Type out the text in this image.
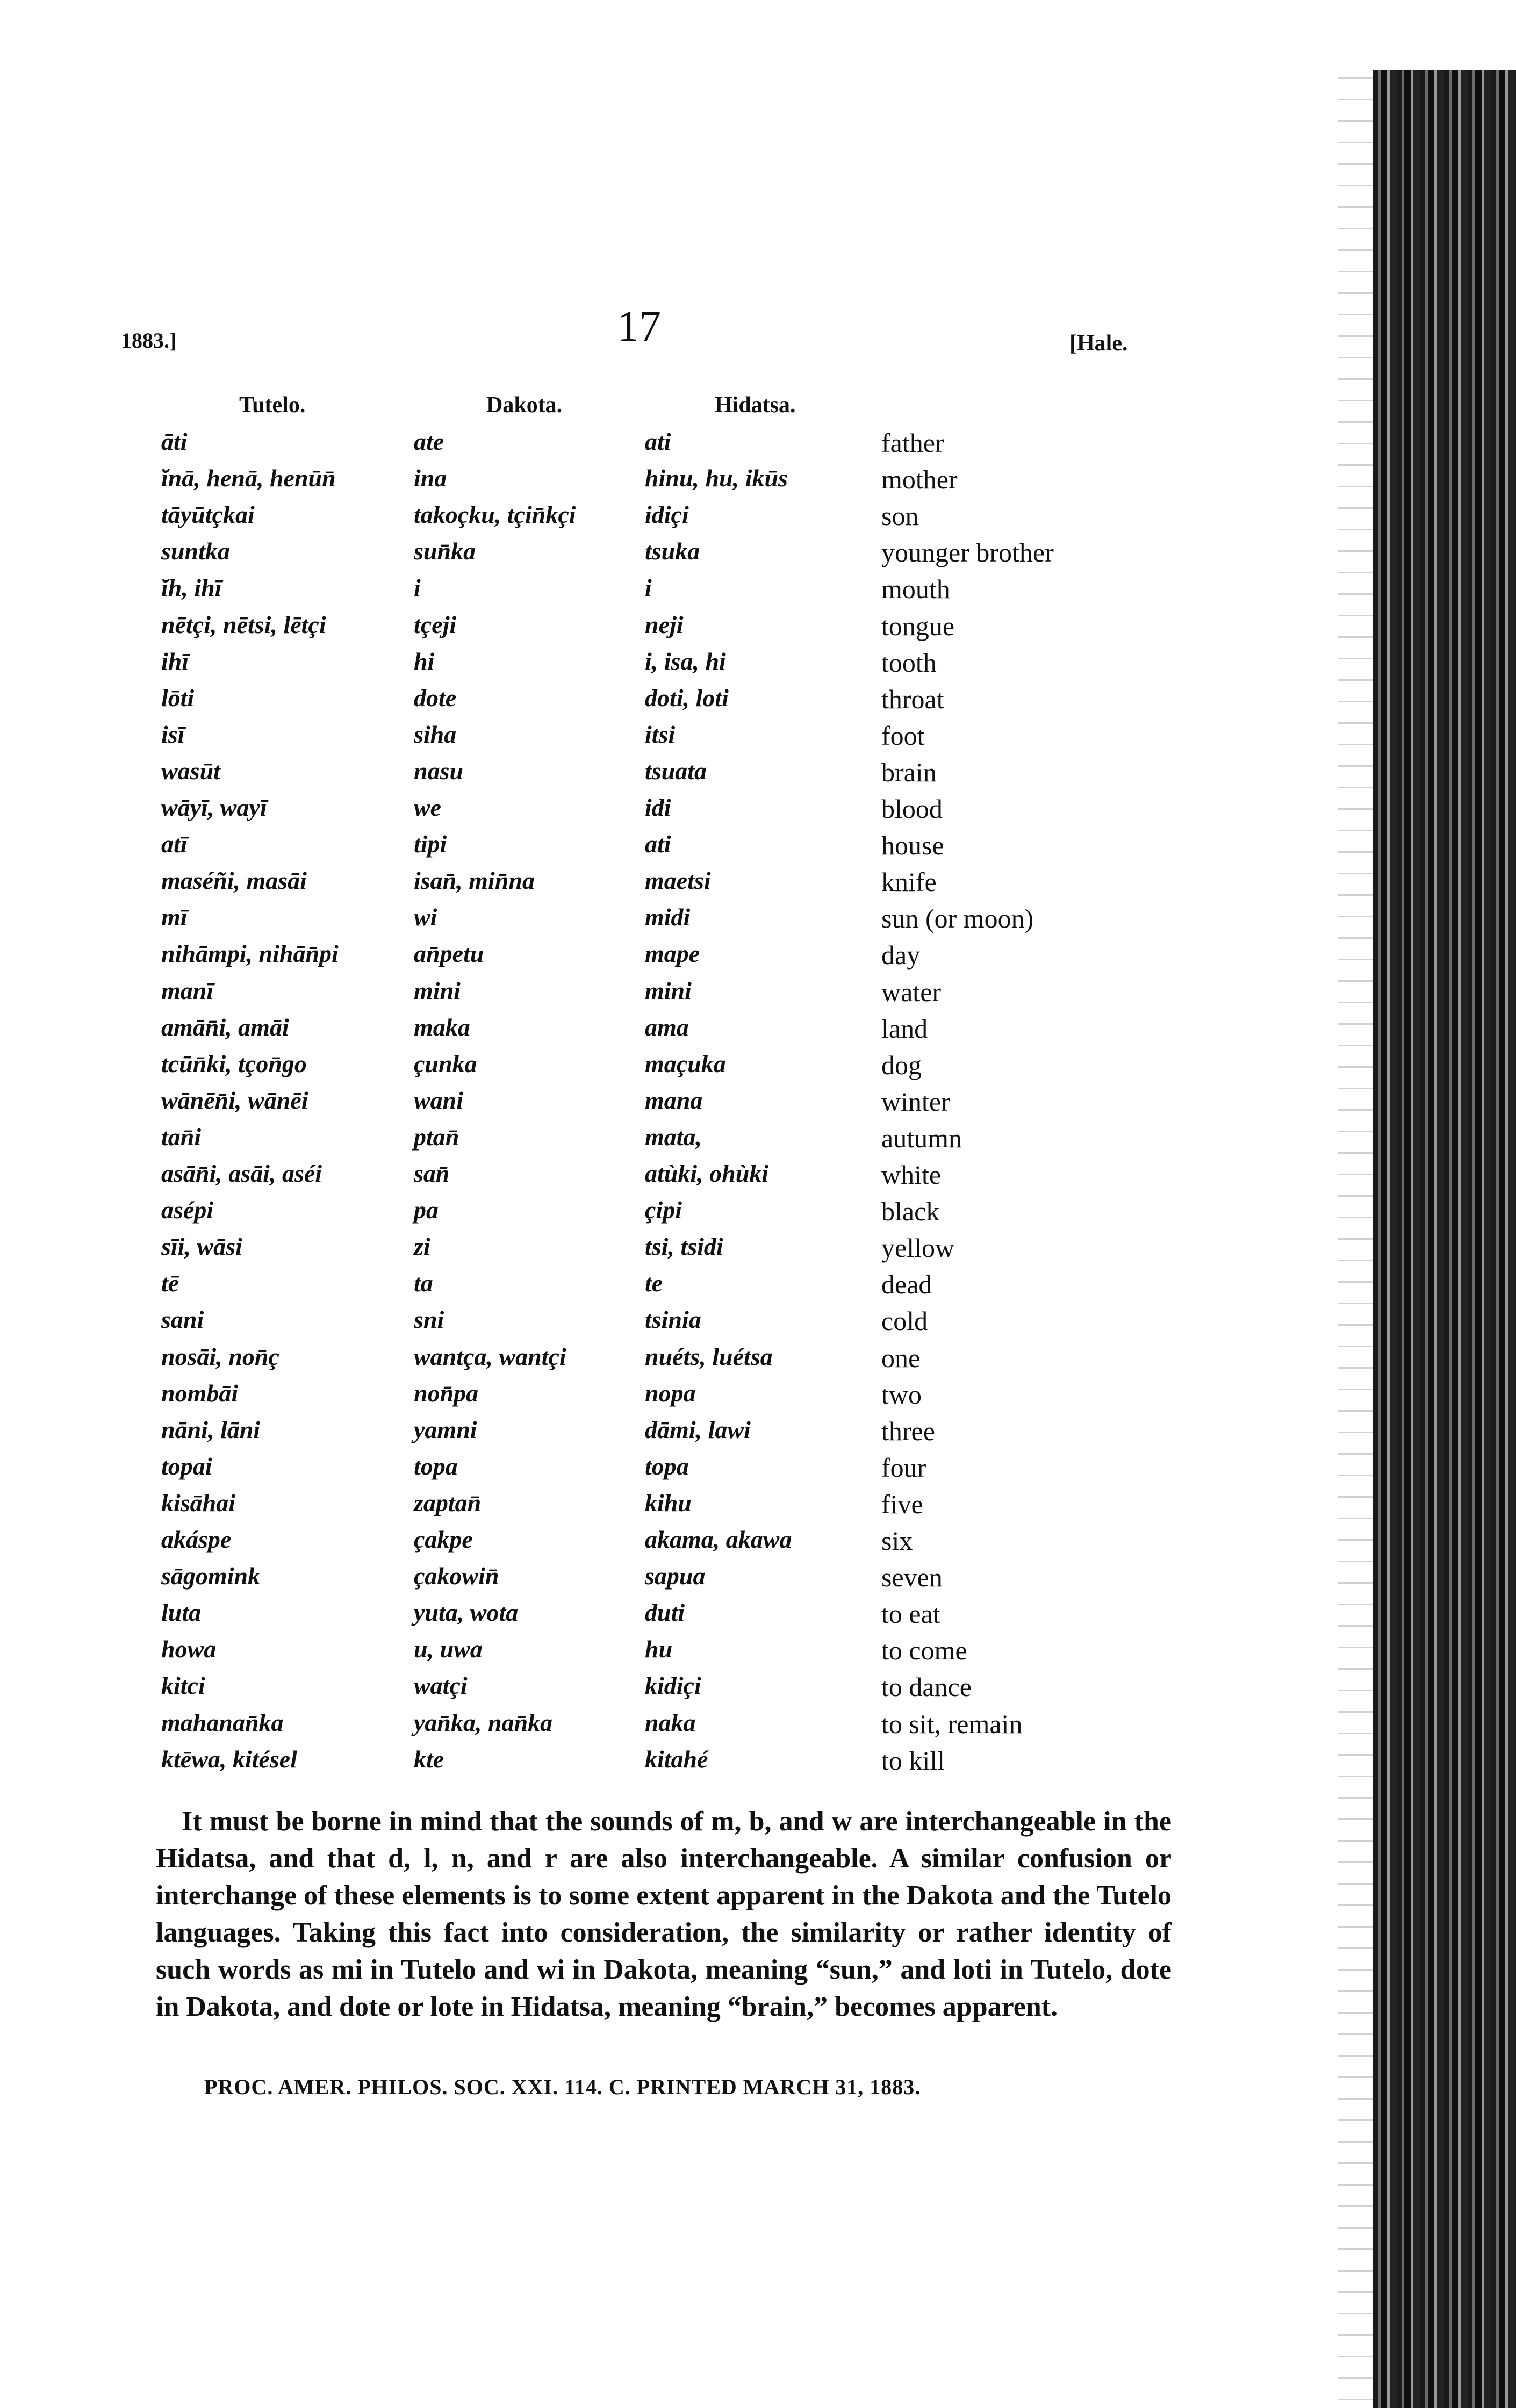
1883.]	17	[Hale.
Tutelo.	Dakota.	Hidatsa.
āti	ate	ati	father
ĭnā, henā, henūn̄	ina	hinu, hu, ikūs	mother
tāyūtçkai	takoçku, tçin̄kçi	idiçi	son
suntka	sun̄ka	tsuka	younger brother
ĭh, ihī	i	i	mouth
nētçi, nētsi, lētçi	tçeji	neji	tongue
ihī	hi	i, isa, hi	tooth
lōti	dote	doti, loti	throat
isī	siha	itsi	foot
wasūt	nasu	tsuata	brain
wāyī, wayī	we	idi	blood
atī	tipi	ati	house
maséñi, masāi	isan̄, min̄na	maetsi	knife
mī	wi	midi	sun (or moon)
nihāmpi, nihān̄pi	an̄petu	mape	day
manī	mini	mini	water
amān̄i, amāi	maka	ama	land
tcūn̄ki, tçon̄go	çunka	maçuka	dog
wānēn̄i, wānēi	wani	mana	winter
tan̄i	ptan̄	mata,	autumn
asān̄i, asāi, aséi	san̄	atùki, ohùki	white
asépi	pa	çipi	black
sīi, wāsi	zi	tsi, tsidi	yellow
tē	ta	te	dead
sani	sni	tsinia	cold
nosāi, non̄ç	wantça, wantçi	nuéts, luétsa	one
nombāi	non̄pa	nopa	two
nāni, lāni	yamni	dāmi, lawi	three
topai	topa	topa	four
kisāhai	zaptan̄	kihu	five
akáspe	çakpe	akama, akawa	six
sāgomink	çakowin̄	sapua	seven
luta	yuta, wota	duti	to eat
howa	u, uwa	hu	to come
kitci	watçi	kidiçi	to dance
mahanan̄ka	yan̄ka, nan̄ka	naka	to sit, remain
ktēwa, kitésel	kte	kitahé	to kill

It must be borne in mind that the sounds of m, b, and w are interchangeable in the Hidatsa, and that d, l, n, and r are also interchangeable. A similar confusion or interchange of these elements is to some extent apparent in the Dakota and the Tutelo languages. Taking this fact into consideration, the similarity or rather identity of such words as mi in Tutelo and wi in Dakota, meaning “sun,” and loti in Tutelo, dote in Dakota, and dote or lote in Hidatsa, meaning “brain,” becomes apparent.

PROC. AMER. PHILOS. SOC. XXI. 114. C. PRINTED MARCH 31, 1883.
